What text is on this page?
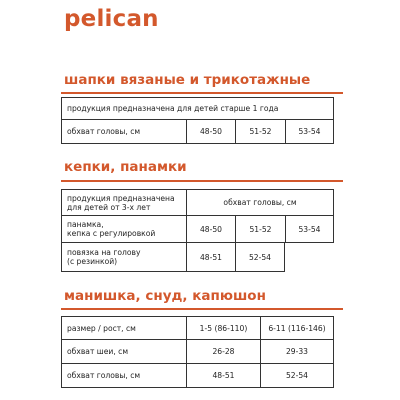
pelican
шапки вязаные и трикотажные
продукция предназначена для детей старше 1 года
обхват головы, см	48-50	51-52	53-54
кепки, панамки
продукция предназначена
для детей от 3-х лет	обхват головы, см
панамка,
кепка с регулировкой	48-50	51-52	53-54
повязка на голову
(с резинкой)	48-51	52-54
манишка, снуд, капюшон
размер / рост, см	1-5 (86-110)	6-11 (116-146)
обхват шеи, см	26-28	29-33
обхват головы, см	48-51	52-54
